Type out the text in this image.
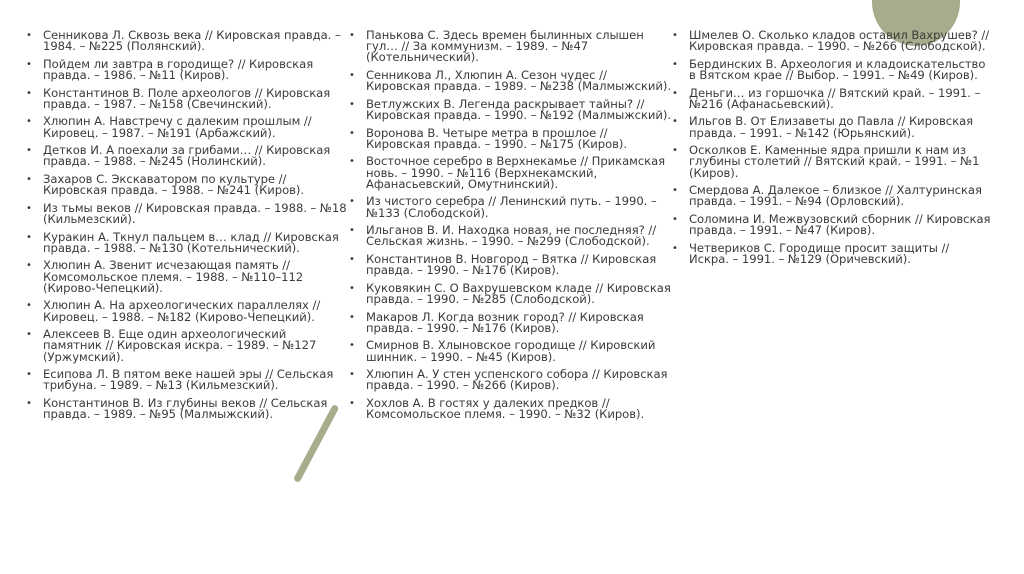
• Сенникова Л. Сквозь века // Кировская правда. – 1984. – №225 (Полянский).
• Пойдем ли завтра в городище? // Кировская правда. – 1986. – №11 (Киров).
• Константинов В. Поле археологов // Кировская правда. – 1987. – №158 (Свечинский).
• Хлюпин А. Навстречу с далеким прошлым // Кировец. – 1987. – №191 (Арбажский).
• Детков И. А поехали за грибами… // Кировская правда. – 1988. – №245 (Нолинский).
• Захаров С. Экскаватором по культуре // Кировская правда. – 1988. – №241 (Киров).
• Из тьмы веков // Кировская правда. – 1988. – №18 (Кильмезский).
• Куракин А. Ткнул пальцем в… клад // Кировская правда. – 1988. – №130 (Котельнический).
• Хлюпин А. Звенит исчезающая память // Комсомольское племя. – 1988. – №110–112 (Кирово-Чепецкий).
• Хлюпин А. На археологических параллелях // Кировец. – 1988. – №182 (Кирово-Чепецкий).
• Алексеев В. Еще один археологический памятник // Кировская искра. – 1989. – №127 (Уржумский).
• Есипова Л. В пятом веке нашей эры // Сельская трибуна. – 1989. – №13 (Кильмезский).
• Константинов В. Из глубины веков // Сельская правда. – 1989. – №95 (Малмыжский).
• Панькова С. Здесь времен былинных слышен гул… // За коммунизм. – 1989. – №47 (Котельнический).
• Сенникова Л., Хлюпин А. Сезон чудес // Кировская правда. – 1989. – №238 (Малмыжский).
• Ветлужских В. Легенда раскрывает тайны? // Кировская правда. – 1990. – №192 (Малмыжский).
• Воронова В. Четыре метра в прошлое // Кировская правда. – 1990. – №175 (Киров).
• Восточное серебро в Верхнекамье // Прикамская новь. – 1990. – №116 (Верхнекамский, Афанасьевский, Омутнинский).
• Из чистого серебра // Ленинский путь. – 1990. – №133 (Слободской).
• Ильганов В. И. Находка новая, не последняя? // Сельская жизнь. – 1990. – №299 (Слободской).
• Константинов В. Новгород – Вятка // Кировская правда. – 1990. – №176 (Киров).
• Куковякин С. О Вахрушевском кладе // Кировская правда. – 1990. – №285 (Слободской).
• Макаров Л. Когда возник город? // Кировская правда. – 1990. – №176 (Киров).
• Смирнов В. Хлыновское городище // Кировский шинник. – 1990. – №45 (Киров).
• Хлюпин А. У стен успенского собора // Кировская правда. – 1990. – №266 (Киров).
• Хохлов А. В гостях у далеких предков // Комсомольское племя. – 1990. – №32 (Киров).
• Шмелев О. Сколько кладов оставил Вахрушев? // Кировская правда. – 1990. – №266 (Слободской).
• Бердинских В. Археология и кладоискательство в Вятском крае // Выбор. – 1991. – №49 (Киров).
• Деньги… из горшочка // Вятский край. – 1991. – №216 (Афанасьевский).
• Ильгов В. От Елизаветы до Павла // Кировская правда. – 1991. – №142 (Юрьянский).
• Осколков Е. Каменные ядра пришли к нам из глубины столетий // Вятский край. – 1991. – №1 (Киров).
• Смердова А. Далекое – близкое // Халтуринская правда. – 1991. – №94 (Орловский).
• Соломина И. Межвузовский сборник // Кировская правда. – 1991. – №47 (Киров).
• Четвериков С. Городище просит защиты // Искра. – 1991. – №129 (Оричевский).
